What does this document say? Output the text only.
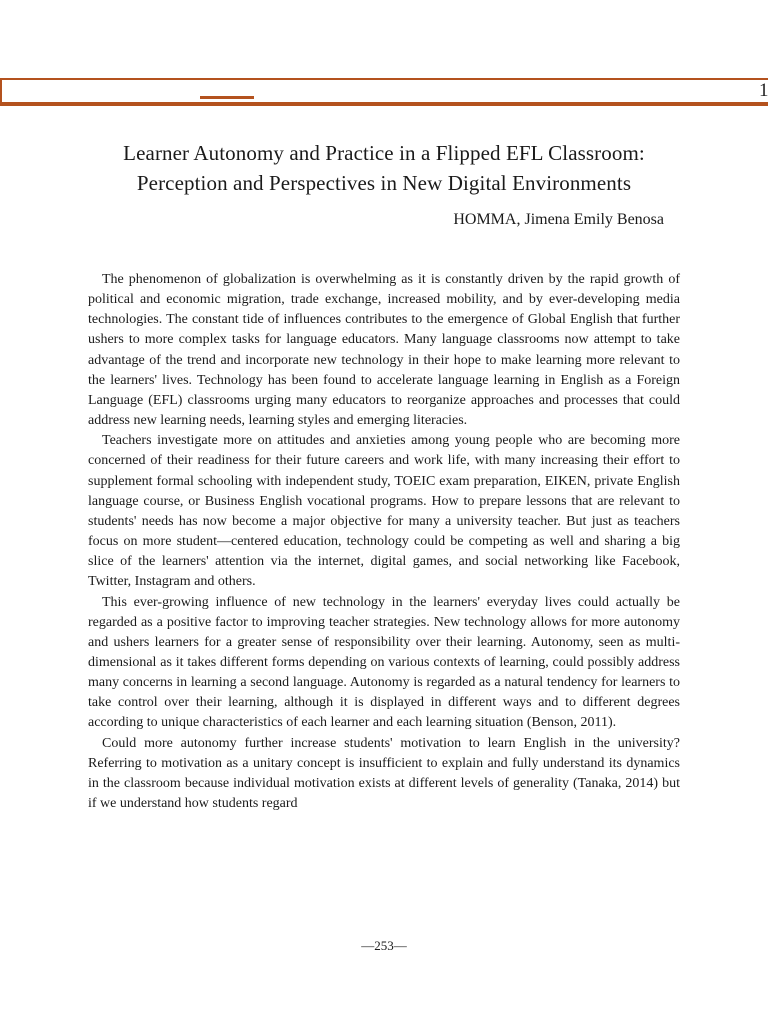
1
Learner Autonomy and Practice in a Flipped EFL Classroom:
Perception and Perspectives in New Digital Environments
HOMMA, Jimena Emily Benosa

The phenomenon of globalization is overwhelming as it is constantly driven by the rapid growth of political and economic migration, trade exchange, increased mobility, and by ever-developing media technologies. The constant tide of influences contributes to the emergence of Global English that further ushers to more complex tasks for language educators. Many language classrooms now attempt to take advantage of the trend and incorporate new technology in their hope to make learning more relevant to the learners' lives. Technology has been found to accelerate language learning in English as a Foreign Language (EFL) classrooms urging many educators to reorganize approaches and processes that could address new learning needs, learning styles and emerging literacies.

Teachers investigate more on attitudes and anxieties among young people who are becoming more concerned of their readiness for their future careers and work life, with many increasing their effort to supplement formal schooling with independent study, TOEIC exam preparation, EIKEN, private English language course, or Business English vocational programs. How to prepare lessons that are relevant to students' needs has now become a major objective for many a university teacher. But just as teachers focus on more student—centered education, technology could be competing as well and sharing a big slice of the learners' attention via the internet, digital games, and social networking like Facebook, Twitter, Instagram and others.

This ever-growing influence of new technology in the learners' everyday lives could actually be regarded as a positive factor to improving teacher strategies. New technology allows for more autonomy and ushers learners for a greater sense of responsibility over their learning. Autonomy, seen as multi-dimensional as it takes different forms depending on various contexts of learning, could possibly address many concerns in learning a second language. Autonomy is regarded as a natural tendency for learners to take control over their learning, although it is displayed in different ways and to different degrees according to unique characteristics of each learner and each learning situation (Benson, 2011).

Could more autonomy further increase students' motivation to learn English in the university? Referring to motivation as a unitary concept is insufficient to explain and fully understand its dynamics in the classroom because individual motivation exists at different levels of generality (Tanaka, 2014) but if we understand how students regard

—253—
